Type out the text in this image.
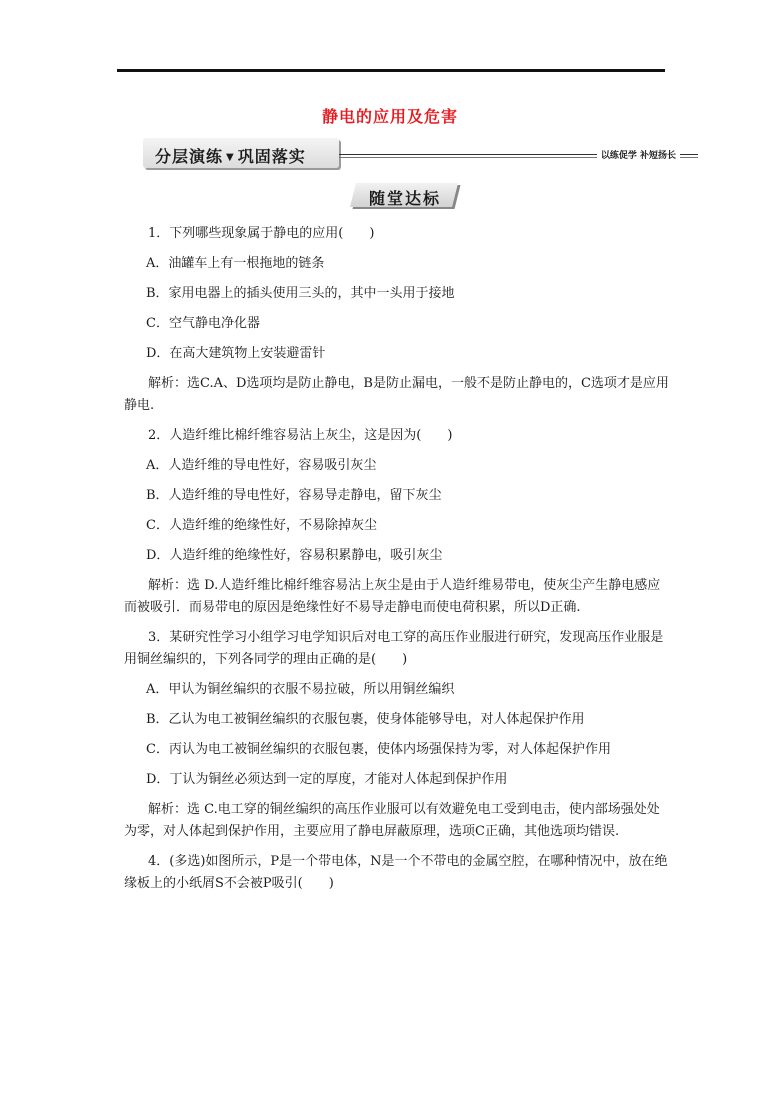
静电的应用及危害
分层演练 ▼ 巩固落实	以练促学 补短扬长
随堂达标

1．下列哪些现象属于静电的应用(　　)

A．油罐车上有一根拖地的链条

B．家用电器上的插头使用三头的，其中一头用于接地

C．空气静电净化器

D．在高大建筑物上安装避雷针

解析：选C.A、D选项均是防止静电，B是防止漏电，一般不是防止静电的，C选项才是应用静电.

2．人造纤维比棉纤维容易沾上灰尘，这是因为(　　)

A．人造纤维的导电性好，容易吸引灰尘

B．人造纤维的导电性好，容易导走静电，留下灰尘

C．人造纤维的绝缘性好，不易除掉灰尘

D．人造纤维的绝缘性好，容易积累静电，吸引灰尘

解析：选 D.人造纤维比棉纤维容易沾上灰尘是由于人造纤维易带电，使灰尘产生静电感应而被吸引．而易带电的原因是绝缘性好不易导走静电而使电荷积累，所以D正确.

3．某研究性学习小组学习电学知识后对电工穿的高压作业服进行研究，发现高压作业服是用铜丝编织的，下列各同学的理由正确的是(　　)

A．甲认为铜丝编织的衣服不易拉破，所以用铜丝编织

B．乙认为电工被铜丝编织的衣服包裹，使身体能够导电，对人体起保护作用

C．丙认为电工被铜丝编织的衣服包裹，使体内场强保持为零，对人体起保护作用

D．丁认为铜丝必须达到一定的厚度，才能对人体起到保护作用

解析：选 C.电工穿的铜丝编织的高压作业服可以有效避免电工受到电击，使内部场强处处为零，对人体起到保护作用，主要应用了静电屏蔽原理，选项C正确，其他选项均错误.

4．(多选)如图所示，P是一个带电体，N是一个不带电的金属空腔，在哪种情况中，放在绝缘板上的小纸屑S不会被P吸引(　　)
